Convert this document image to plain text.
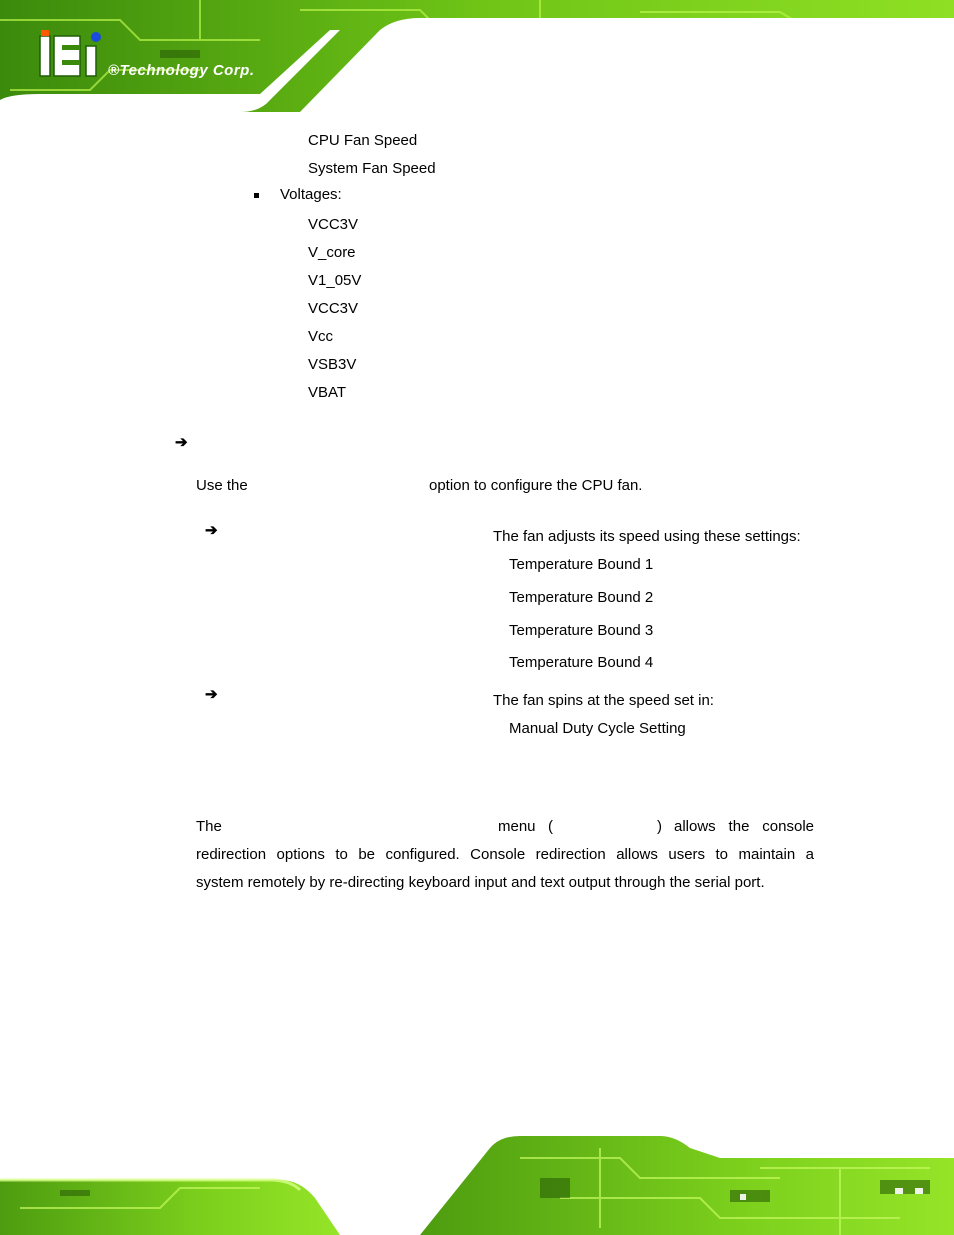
®Technology Corp.
CPU Fan Speed
System Fan Speed
Voltages:
VCC3V
V_core
V1_05V
VCC3V
Vcc
VSB3V
VBAT
➔
Use the	option to configure the CPU fan.
➔	The fan adjusts its speed using these settings:
Temperature Bound 1
Temperature Bound 2
Temperature Bound 3
Temperature Bound 4
➔	The fan spins at the speed set in:
Manual Duty Cycle Setting
The	menu (	) allows the console
redirection options to be configured. Console redirection allows users to maintain a
system remotely by re-directing keyboard input and text output through the serial port.
